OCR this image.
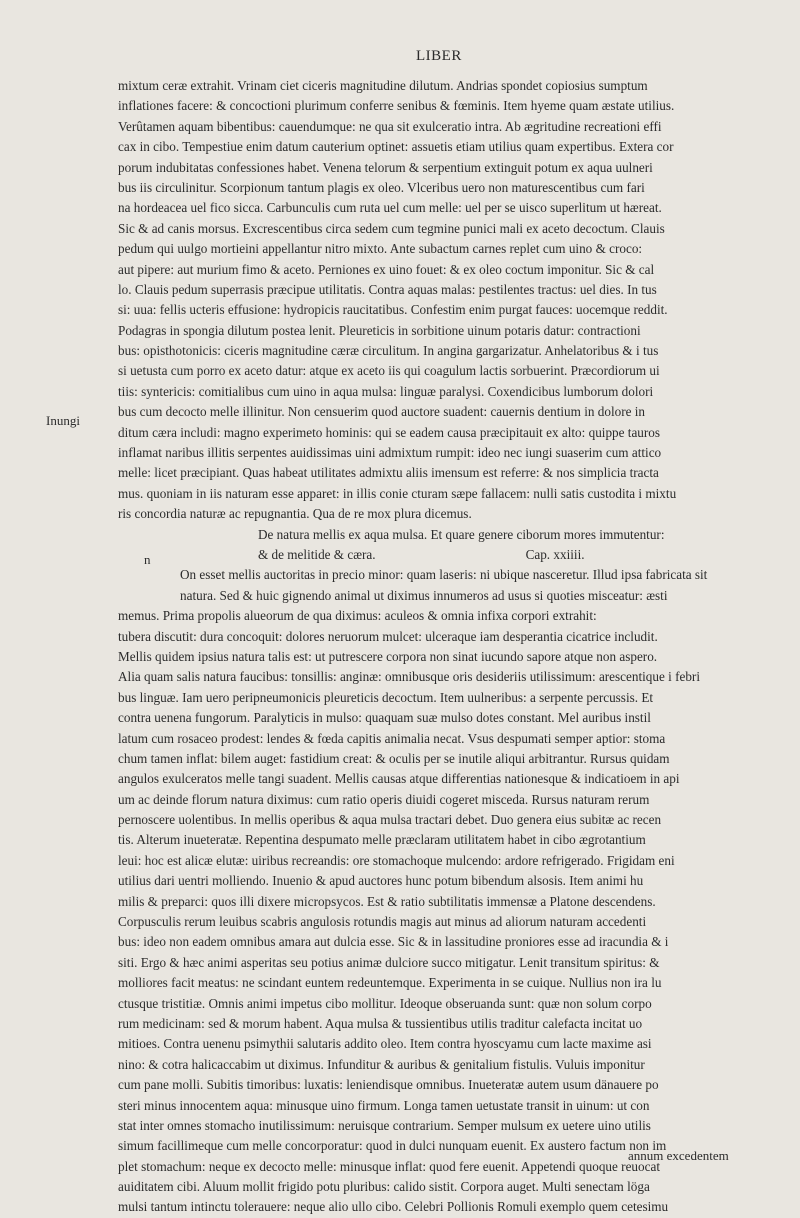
LIBER
Inungi
n
mixtum ceræ extrahit. Vrinam ciet ciceris magnitudine dilutum. Andrias spondet copiosius sumptum
inflationes facere: & concoctioni plurimum conferre senibus & fœminis. Item hyeme quam æstate utilius.
Verûtamen aquam bibentibus: cauendumque: ne qua sit exulceratio intra. Ab ægritudine recreationi effi
cax in cibo. Tempestiue enim datum cauterium optinet: assuetis etiam utilius quam expertibus. Extera cor
porum indubitatas confessiones habet. Venena telorum & serpentium extinguit potum ex aqua uulneri
bus iis circulinitur. Scorpionum tantum plagis ex oleo. Vlceribus uero non maturescentibus cum fari
na hordeacea uel fico sicca. Carbunculis cum ruta uel cum melle: uel per se uisco superlitum ut hæreat.
Sic & ad canis morsus. Excrescentibus circa sedem cum tegmine punici mali ex aceto decoctum. Clauis
pedum qui uulgo mortieini appellantur nitro mixto. Ante subactum carnes replet cum uino & croco:
aut pipere: aut murium fimo & aceto. Perniones ex uino fouet: & ex oleo coctum imponitur. Sic & cal
lo. Clauis pedum superrasis præcipue utilitatis. Contra aquas malas: pestilentes tractus: uel dies. In tus
si: uua: fellis ucteris effusione: hydropicis raucitatibus. Confestim enim purgat fauces: uocemque reddit.
Podagras in spongia dilutum postea lenit. Pleureticis in sorbitione uinum potaris datur: contractioni
bus: opisthotonicis: ciceris magnitudine cæræ circulitum. In angina gargarizatur. Anhelatoribus & i tus
si uetusta cum porro ex aceto datur: atque ex aceto iis qui coagulum lactis sorbuerint. Præcordiorum ui
tiis: syntericis: comitialibus cum uino in aqua mulsa: linguæ paralysi. Coxendicibus lumborum dolori
bus cum decocto melle illinitur. Non censuerim quod auctore suadent: cauernis dentium in dolore in
ditum cæra includi: magno experimeto hominis: qui se eadem causa præcipitauit ex alto: quippe tauros
inflamat naribus illitis serpentes auidissimas uini admixtum rumpit: ideo nec iungi suaserim cum attico
melle: licet præcipiant. Quas habeat utilitates admixtu aliis imensum est referre: & nos simplicia tracta
mus. quoniam in iis naturam esse apparet: in illis conie cturam sæpe fallacem: nulli satis custodita i mixtu
ris concordia naturæ ac repugnantia. Qua de re mox plura dicemus.
De natura mellis ex aqua mulsa. Et quare genere ciborum mores immutentur:
& de melitide & cæra.	Cap. xxiiii.
On esset mellis auctoritas in precio minor: quam laseris: ni ubique nasceretur. Illud ipsa fabricata sit
natura. Sed & huic gignendo animal ut diximus innumeros ad usus si quoties misceatur: æsti
memus. Prima propolis alueorum de qua diximus: aculeos & omnia infixa corpori extrahit:
tubera discutit: dura concoquit: dolores neruorum mulcet: ulceraque iam desperantia cicatrice includit.
Mellis quidem ipsius natura talis est: ut putrescere corpora non sinat iucundo sapore atque non aspero.
Alia quam salis natura faucibus: tonsillis: anginæ: omnibusque oris desideriis utilissimum: arescentique i febri
bus linguæ. Iam uero peripneumonicis pleureticis decoctum. Item uulneribus: a serpente percussis. Et
contra uenena fungorum. Paralyticis in mulso: quaquam suæ mulso dotes constant. Mel auribus instil
latum cum rosaceo prodest: lendes & fœda capitis animalia necat. Vsus despumati semper aptior: stoma
chum tamen inflat: bilem auget: fastidium creat: & oculis per se inutile aliqui arbitrantur. Rursus quidam
angulos exulceratos melle tangi suadent. Mellis causas atque differentias nationesque & indicatioem in api
um ac deinde florum natura diximus: cum ratio operis diuidi cogeret misceda. Rursus naturam rerum
pernoscere uolentibus. In mellis operibus & aqua mulsa tractari debet. Duo genera eius subitæ ac recen
tis. Alterum inueteratæ. Repentina despumato melle præclaram utilitatem habet in cibo ægrotantium
leui: hoc est alicæ elutæ: uiribus recreandis: ore stomachoque mulcendo: ardore refrigerado. Frigidam eni
utilius dari uentri molliendo. Inuenio & apud auctores hunc potum bibendum alsosis. Item animi hu
milis & preparci: quos illi dixere micropsycos. Est & ratio subtilitatis immensæ a Platone descendens.
Corpusculis rerum leuibus scabris angulosis rotundis magis aut minus ad aliorum naturam accedenti
bus: ideo non eadem omnibus amara aut dulcia esse. Sic & in lassitudine proniores esse ad iracundia & i
siti. Ergo & hæc animi asperitas seu potius animæ dulciore succo mitigatur. Lenit transitum spiritus: &
molliores facit meatus: ne scindant euntem redeuntemque. Experimenta in se cuique. Nullius non ira lu
ctusque tristitiæ. Omnis animi impetus cibo mollitur. Ideoque obseruanda sunt: quæ non solum corpo
rum medicinam: sed & morum habent. Aqua mulsa & tussientibus utilis traditur calefacta incitat uo
mitioes. Contra uenenu psimythii salutaris addito oleo. Item contra hyoscyamu cum lacte maxime asi
nino: & cotra halicaccabim ut diximus. Infunditur & auribus & genitalium fistulis. Vuluis imponitur
cum pane molli. Subitis timoribus: luxatis: leniendisque omnibus. Inueteratæ autem usum dänauere po
steri minus innocentem aqua: minusque uino firmum. Longa tamen uetustate transit in uinum: ut con
stat inter omnes stomacho inutilissimum: neruisque contrarium. Semper mulsum ex uetere uino utilis
simum facillimeque cum melle concorporatur: quod in dulci nunquam euenit. Ex austero factum non im
plet stomachum: neque ex decocto melle: minusque inflat: quod fere euenit. Appetendi quoque reuocat
auiditatem cibi. Aluum mollit frigido potu pluribus: calido sistit. Corpora auget. Multi senectam löga
mulsi tantum intinctu tolerauere: neque alio ullo cibo. Celebri Pollionis Romuli exemplo quem cetesimu
annum excedentem
